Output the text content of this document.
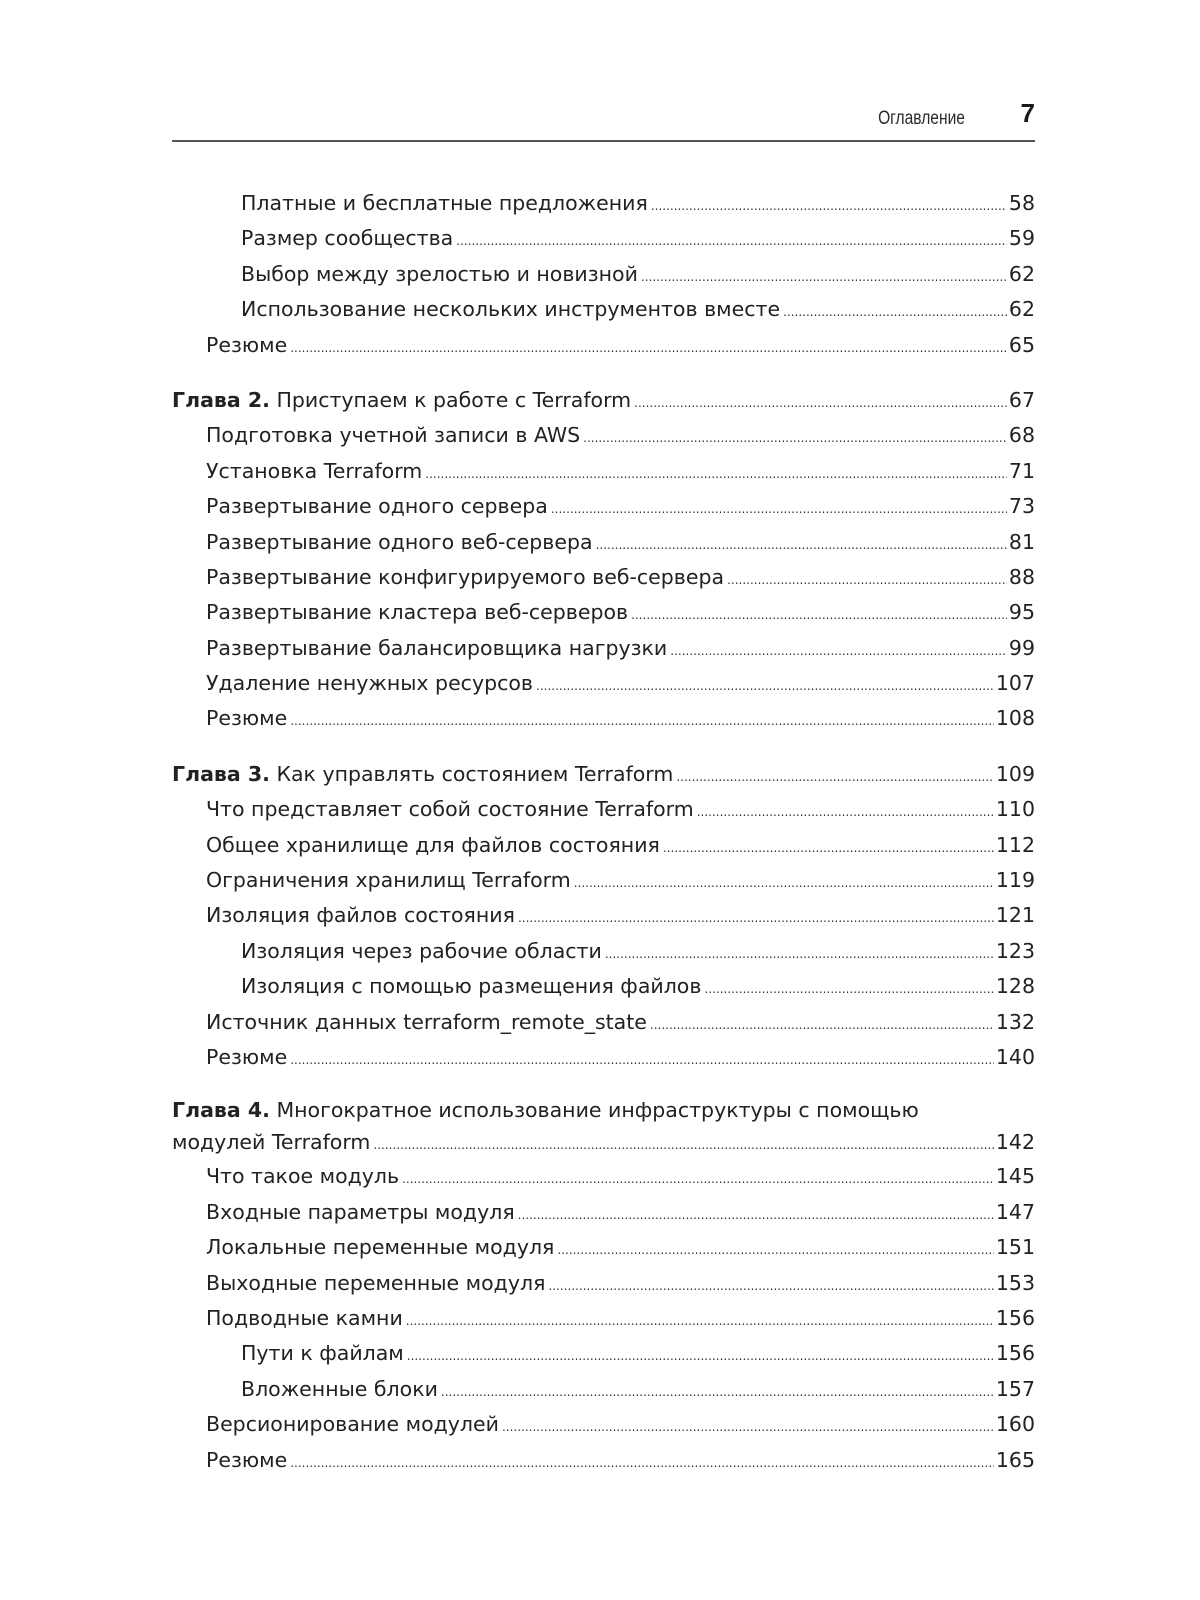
Оглавление 7
Платные и бесплатные предложения .....	58
Размер сообщества .....	59
Выбор между зрелостью и новизной .....	62
Использование нескольких инструментов вместе .....	62
Резюме .....	65
Глава 2. Приступаем к работе с Terraform .....	67
Подготовка учетной записи в AWS .....	68
Установка Terraform .....	71
Развертывание одного сервера .....	73
Развертывание одного веб-сервера .....	81
Развертывание конфигурируемого веб-сервера .....	88
Развертывание кластера веб-серверов .....	95
Развертывание балансировщика нагрузки .....	99
Удаление ненужных ресурсов .....	107
Резюме .....	108
Глава 3. Как управлять состоянием Terraform .....	109
Что представляет собой состояние Terraform .....	110
Общее хранилище для файлов состояния .....	112
Ограничения хранилищ Terraform .....	119
Изоляция файлов состояния .....	121
Изоляция через рабочие области .....	123
Изоляция с помощью размещения файлов .....	128
Источник данных terraform_remote_state .....	132
Резюме .....	140
Глава 4. Многократное использование инфраструктуры с помощью
модулей Terraform .....	142
Что такое модуль .....	145
Входные параметры модуля .....	147
Локальные переменные модуля .....	151
Выходные переменные модуля .....	153
Подводные камни .....	156
Пути к файлам .....	156
Вложенные блоки .....	157
Версионирование модулей .....	160
Резюме .....	165
